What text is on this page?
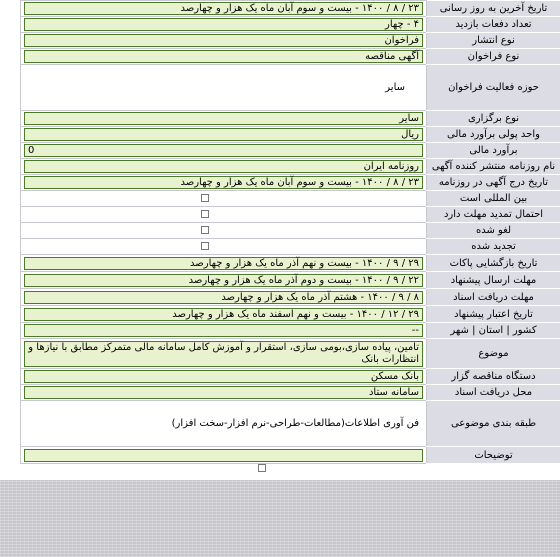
تاریخ آخرین به روز رسانی	۲۳ / ۸ / ۱۴۰۰ - بیست و سوم آبان ماه یک هزار و چهارصد

تعداد دفعات بازدید	۴ - چهار

نوع انتشار	فراخوان

نوع فراخوان	آگهی مناقصه

حوزه فعالیت فراخوان	سایر
نوع برگزاری	سایر

واحد پولی برآورد مالی	ریال

برآورد مالی	0

نام روزنامه منتشر کننده آگهی	روزنامه ایران

تاریخ درج آگهی در روزنامه	۲۳ / ۸ / ۱۴۰۰ - بیست و سوم آبان ماه یک هزار و چهارصد

بین المللی است	
احتمال تمدید مهلت دارد	
لغو شده	
تجدید شده	
تاریخ بازگشایی پاکات	۲۹ / ۹ / ۱۴۰۰ - بیست و نهم آذر ماه یک هزار و چهارصد

مهلت ارسال پیشنهاد	۲۲ / ۹ / ۱۴۰۰ - بیست و دوم آذر ماه یک هزار و چهارصد

مهلت دریافت اسناد	۸ / ۹ / ۱۴۰۰ - هشتم آذر ماه یک هزار و چهارصد

تاریخ اعتبار پیشنهاد	۲۹ / ۱۲ / ۱۴۰۰ - بیست و نهم اسفند ماه یک هزار و چهارصد

کشور | استان | شهر	--

موضوع	تامین، پیاده سازی،بومی سازی، استقرار و آموزش کامل سامانه مالی متمرکز مطابق با نیازها و انتظارات بانک

دستگاه مناقصه گزار	بانک مسکن

محل دریافت اسناد	سامانه ستاد

طبقه بندی موضوعی	فن آوری اطلاعات(مطالعات-طراحی-نرم افزار-سخت افزار)
توضیحات	
